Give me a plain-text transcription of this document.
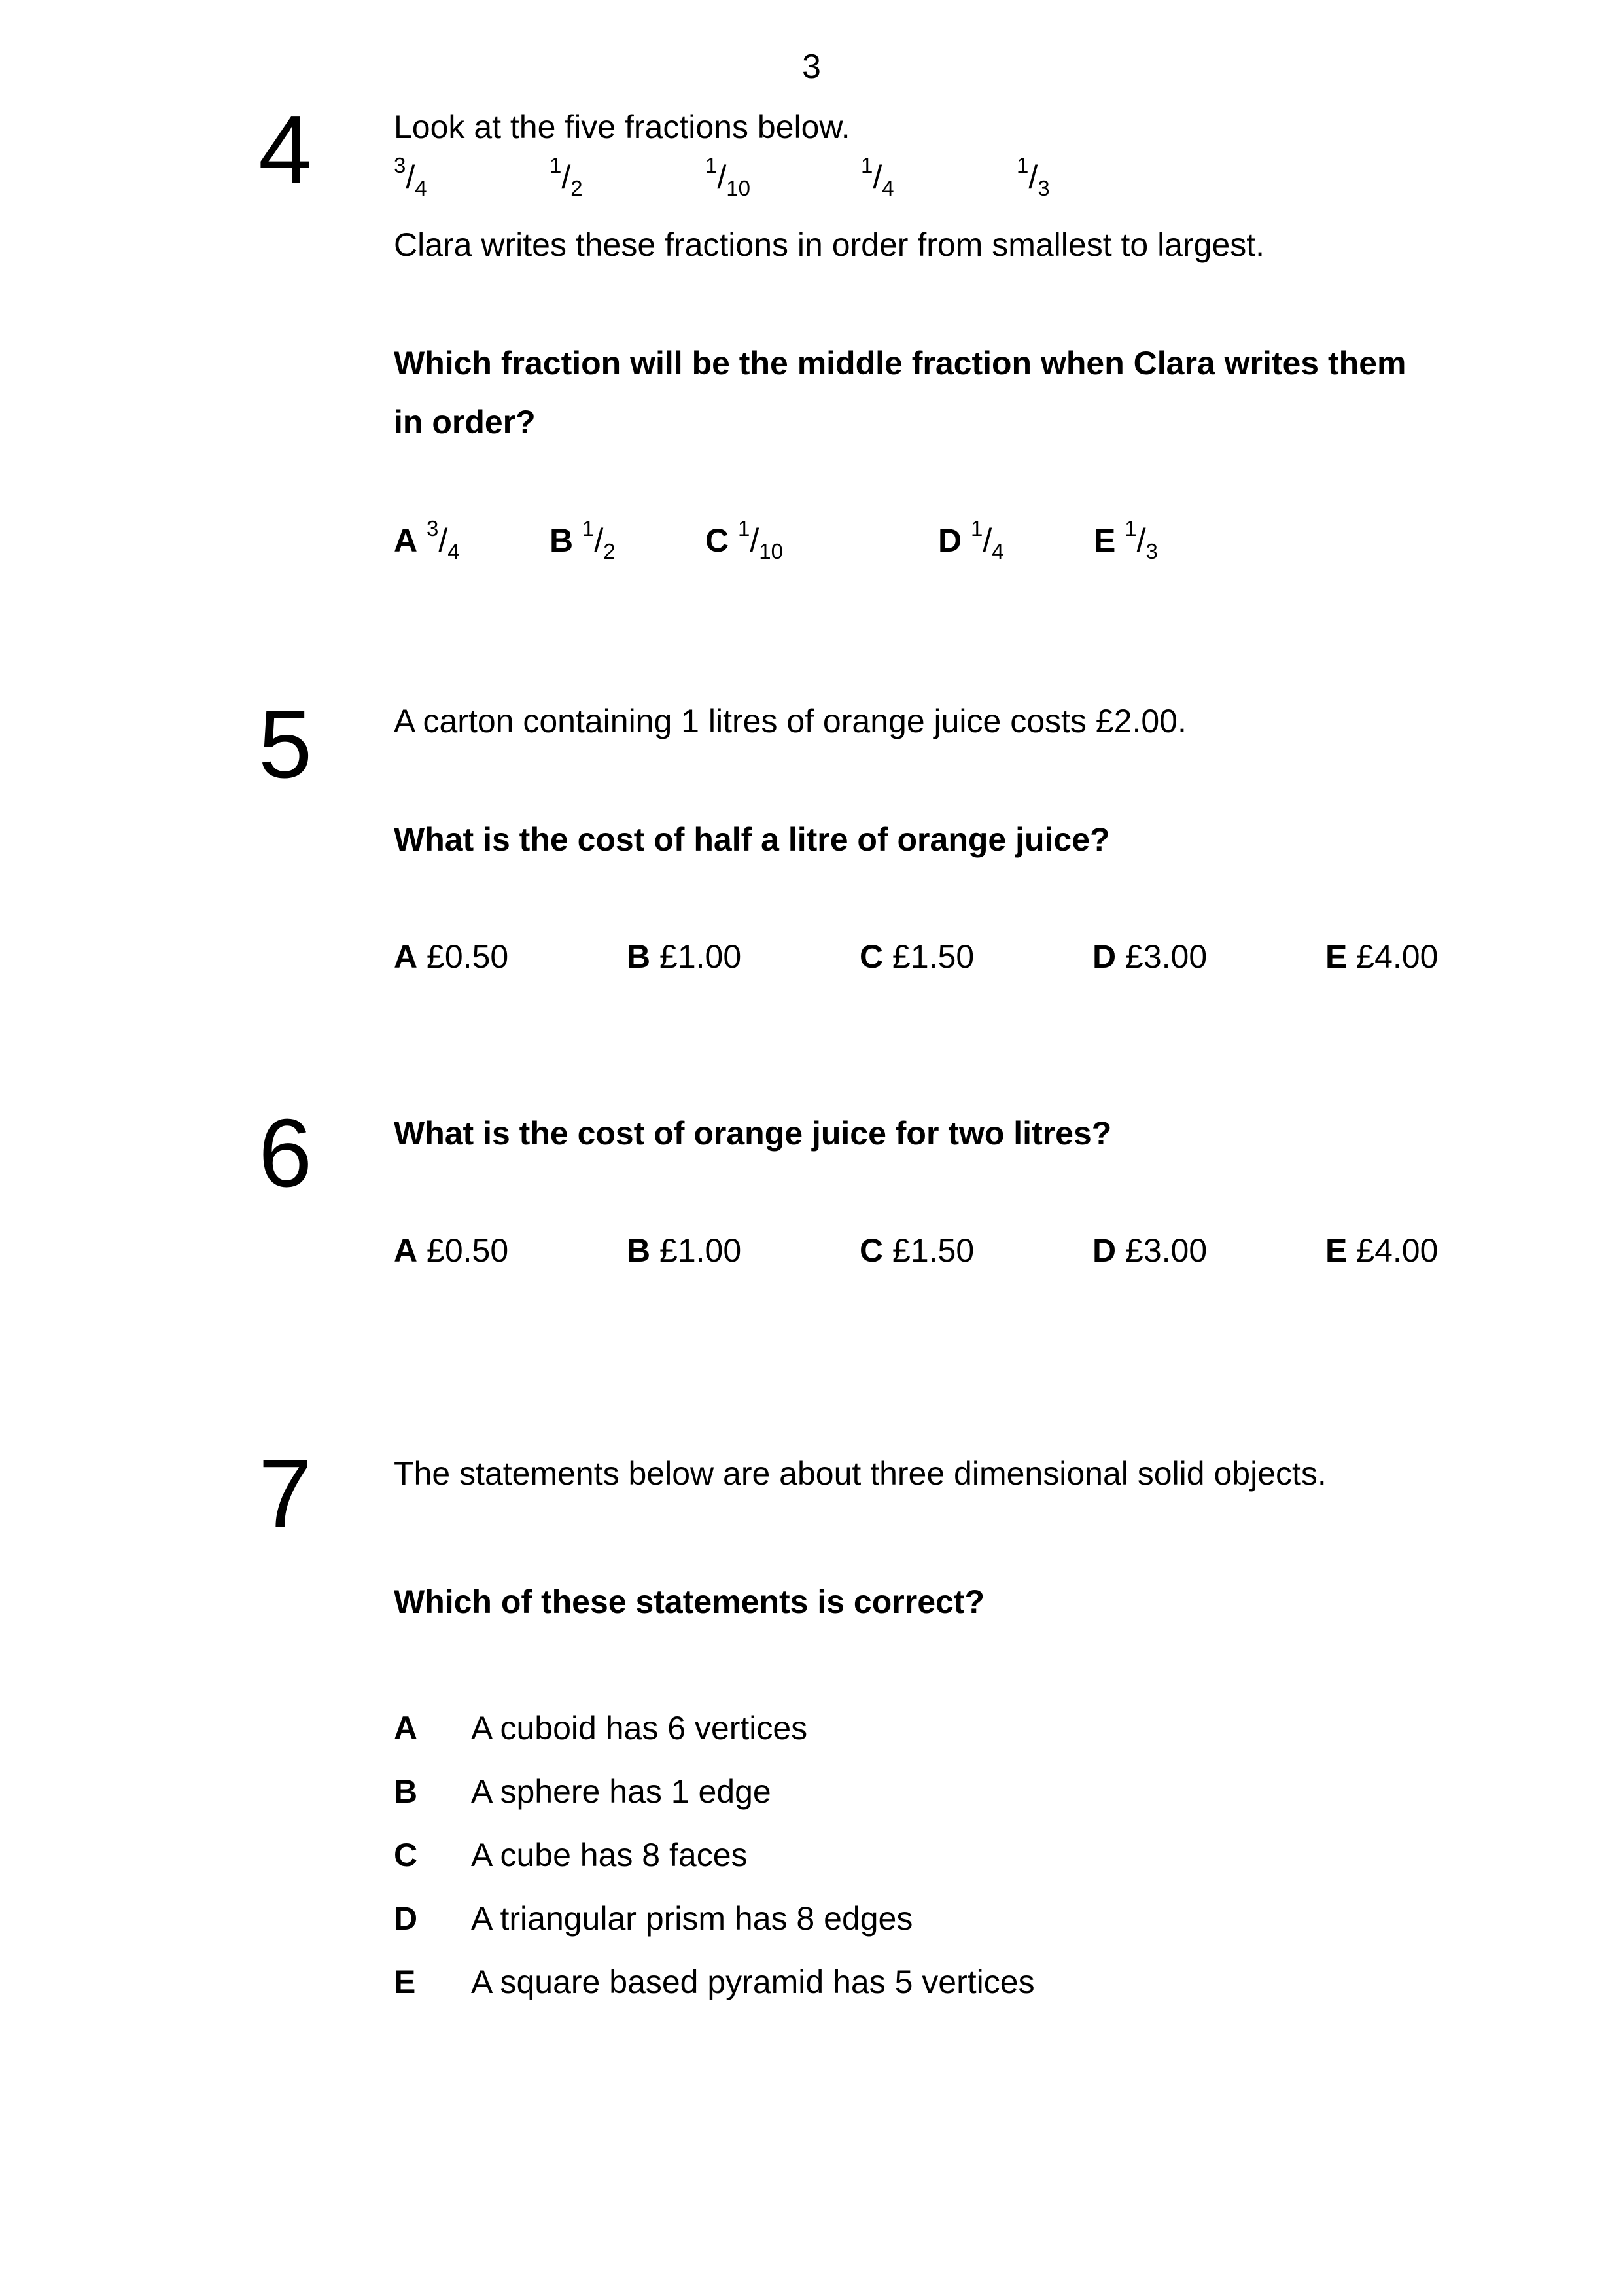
3
4 Look at the five fractions below.
$^3/_4$
$^1/_2$
$^1/_{10}$
$^1/_4$
$^1/_3$
Clara writes these fractions in order from smallest to largest.
Which fraction will be the middle fraction when Clara writes them
in order?
A $^3/_4$	B $^1/_2$	C $^1/_{10}$	D $^1/_4$	E $^1/_3$
5 A carton containing 1 litres of orange juice costs £2.00.
What is the cost of half a litre of orange juice?
A £0.50	B £1.00	C £1.50	D £3.00	E £4.00
6 What is the cost of orange juice for two litres?
A £0.50	B £1.00	C £1.50	D £3.00	E £4.00
7 The statements below are about three dimensional solid objects.
Which of these statements is correct?
A A cuboid has 6 vertices
B A sphere has 1 edge
C A cube has 8 faces
D A triangular prism has 8 edges
E A square based pyramid has 5 vertices
